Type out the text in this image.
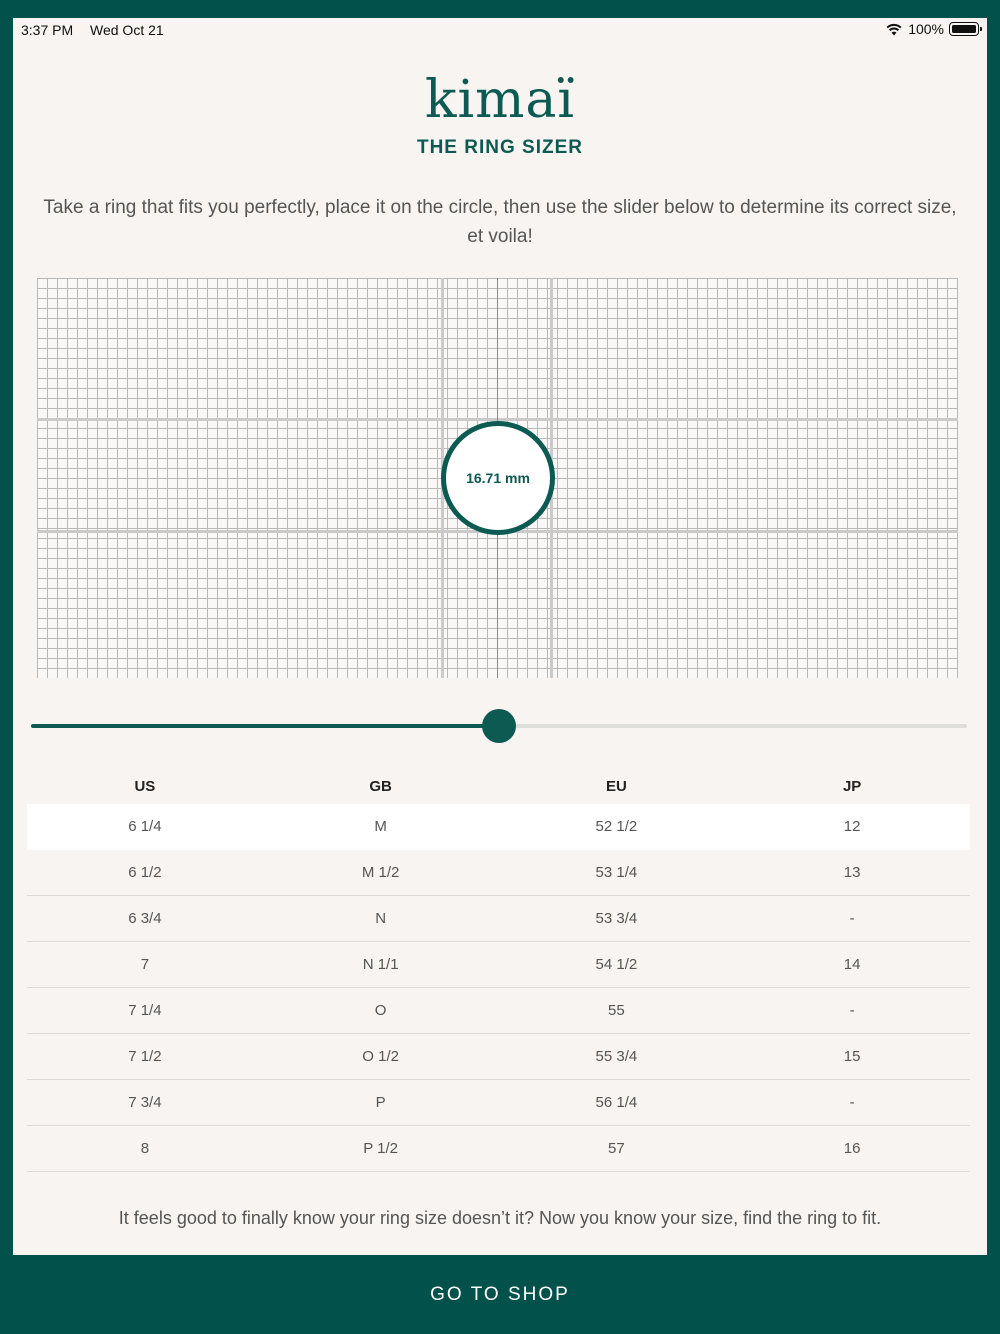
3:37 PM Wed Oct 21	100%
kimaï
THE RING SIZER
Take a ring that fits you perfectly, place it on the circle, then use the slider below to determine its correct size, et voila!
16.71 mm
US	GB	EU	JP
6 1/4	M	52 1/2	12
6 1/2	M 1/2	53 1/4	13
6 3/4	N	53 3/4	-
7	N 1/1	54 1/2	14
7 1/4	O	55	-
7 1/2	O 1/2	55 3/4	15
7 3/4	P	56 1/4	-
8	P 1/2	57	16
It feels good to finally know your ring size doesn’t it? Now you know your size, find the ring to fit.
GO TO SHOP
